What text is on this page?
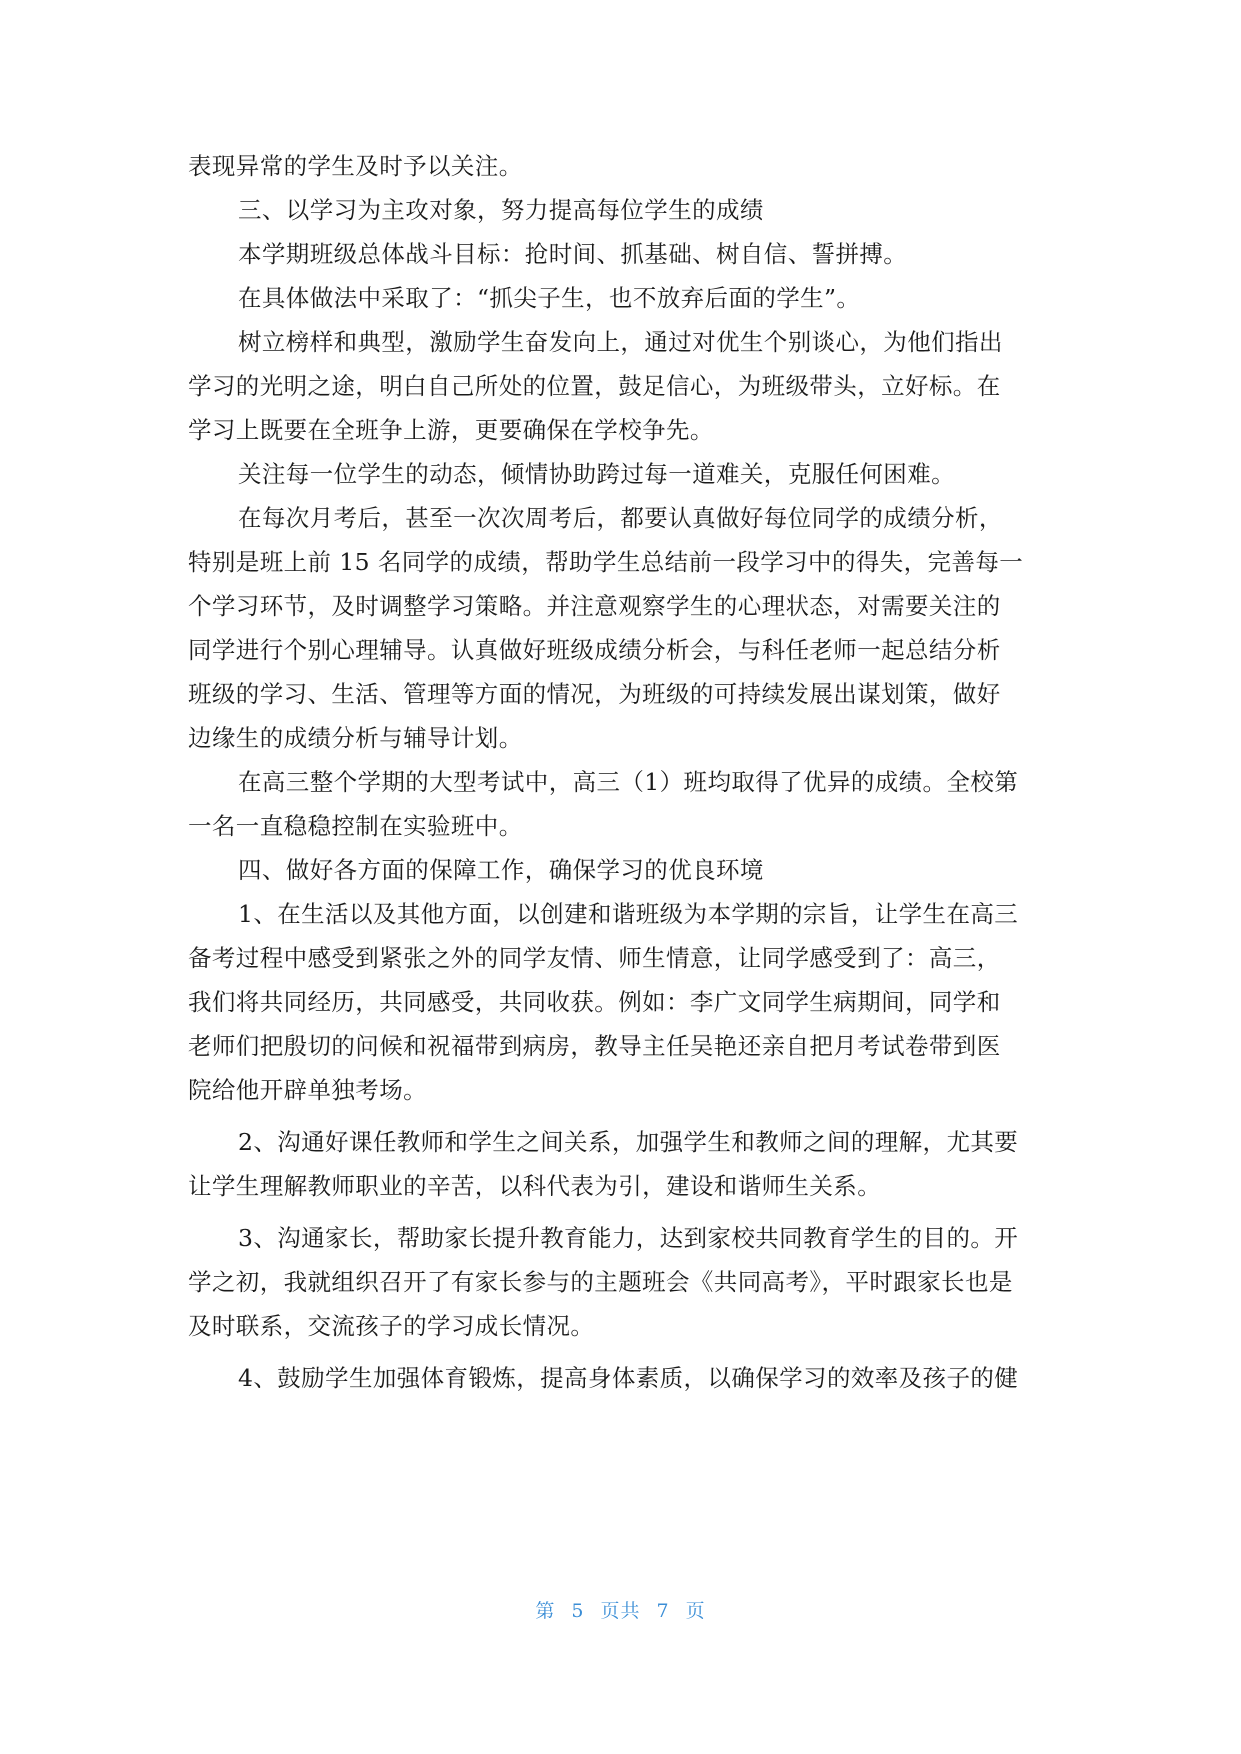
表现异常的学生及时予以关注。
三、以学习为主攻对象，努力提高每位学生的成绩
本学期班级总体战斗目标：抢时间、抓基础、树自信、誓拼搏。
在具体做法中采取了：“抓尖子生，也不放弃后面的学生”。
树立榜样和典型，激励学生奋发向上，通过对优生个别谈心，为他们指出
学习的光明之途，明白自己所处的位置，鼓足信心，为班级带头，立好标。在
学习上既要在全班争上游，更要确保在学校争先。
关注每一位学生的动态，倾情协助跨过每一道难关，克服任何困难。
在每次月考后，甚至一次次周考后，都要认真做好每位同学的成绩分析，
特别是班上前 15 名同学的成绩，帮助学生总结前一段学习中的得失，完善每一
个学习环节，及时调整学习策略。并注意观察学生的心理状态，对需要关注的
同学进行个别心理辅导。认真做好班级成绩分析会，与科任老师一起总结分析
班级的学习、生活、管理等方面的情况，为班级的可持续发展出谋划策，做好
边缘生的成绩分析与辅导计划。
在高三整个学期的大型考试中，高三（1）班均取得了优异的成绩。全校第
一名一直稳稳控制在实验班中。
四、做好各方面的保障工作，确保学习的优良环境
1、在生活以及其他方面，以创建和谐班级为本学期的宗旨，让学生在高三
备考过程中感受到紧张之外的同学友情、师生情意，让同学感受到了：高三，
我们将共同经历，共同感受，共同收获。例如：李广文同学生病期间，同学和
老师们把殷切的问候和祝福带到病房，教导主任吴艳还亲自把月考试卷带到医
院给他开辟单独考场。
2、沟通好课任教师和学生之间关系，加强学生和教师之间的理解，尤其要
让学生理解教师职业的辛苦，以科代表为引，建设和谐师生关系。
3、沟通家长，帮助家长提升教育能力，达到家校共同教育学生的目的。开
学之初，我就组织召开了有家长参与的主题班会《共同高考》，平时跟家长也是
及时联系，交流孩子的学习成长情况。
4、鼓励学生加强体育锻炼，提高身体素质，以确保学习的效率及孩子的健
第 5 页共 7 页
